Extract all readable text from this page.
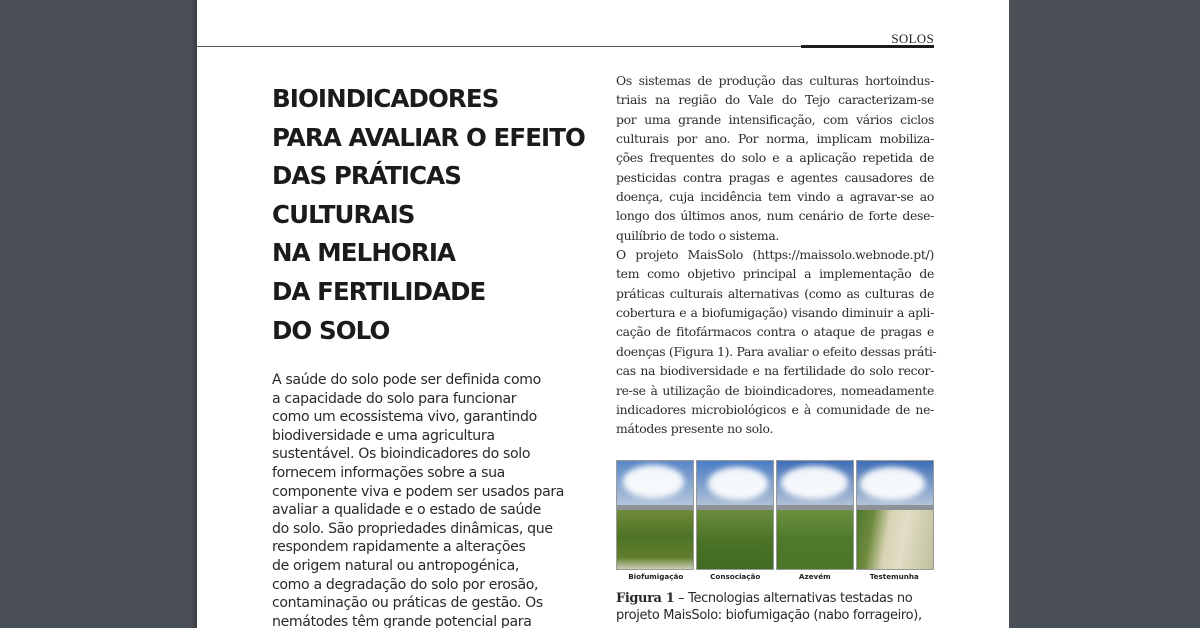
SOLOS
BIOINDICADORES
PARA AVALIAR O EFEITO
DAS PRÁTICAS
CULTURAIS
NA MELHORIA
DA FERTILIDADE
DO SOLO
A saúde do solo pode ser definida como
a capacidade do solo para funcionar
como um ecossistema vivo, garantindo
biodiversidade e uma agricultura
sustentável. Os bioindicadores do solo
fornecem informações sobre a sua
componente viva e podem ser usados para
avaliar a qualidade e o estado de saúde
do solo. São propriedades dinâmicas, que
respondem rapidamente a alterações
de origem natural ou antropogénica,
como a degradação do solo por erosão,
contaminação ou práticas de gestão. Os
nemátodes têm grande potencial para
Os sistemas de produção das culturas hortoindus-
triais na região do Vale do Tejo caracterizam-se
por uma grande intensificação, com vários ciclos
culturais por ano. Por norma, implicam mobiliza-
ções frequentes do solo e a aplicação repetida de
pesticidas contra pragas e agentes causadores de
doença, cuja incidência tem vindo a agravar-se ao
longo dos últimos anos, num cenário de forte dese-
quilíbrio de todo o sistema.
O projeto MaisSolo (https://maissolo.webnode.pt/)
tem como objetivo principal a implementação de
práticas culturais alternativas (como as culturas de
cobertura e a biofumigação) visando diminuir a apli-
cação de fitofármacos contra o ataque de pragas e
doenças (Figura 1). Para avaliar o efeito dessas práti-
cas na biodiversidade e na fertilidade do solo recor-
re-se à utilização de bioindicadores, nomeadamente
indicadores microbiológicos e à comunidade de ne-
mátodes presente no solo.
Biofumigação	Consociação	Azevém	Testemunha
Figura 1 – Tecnologias alternativas testadas no
projeto MaisSolo: biofumigação (nabo forrageiro),
